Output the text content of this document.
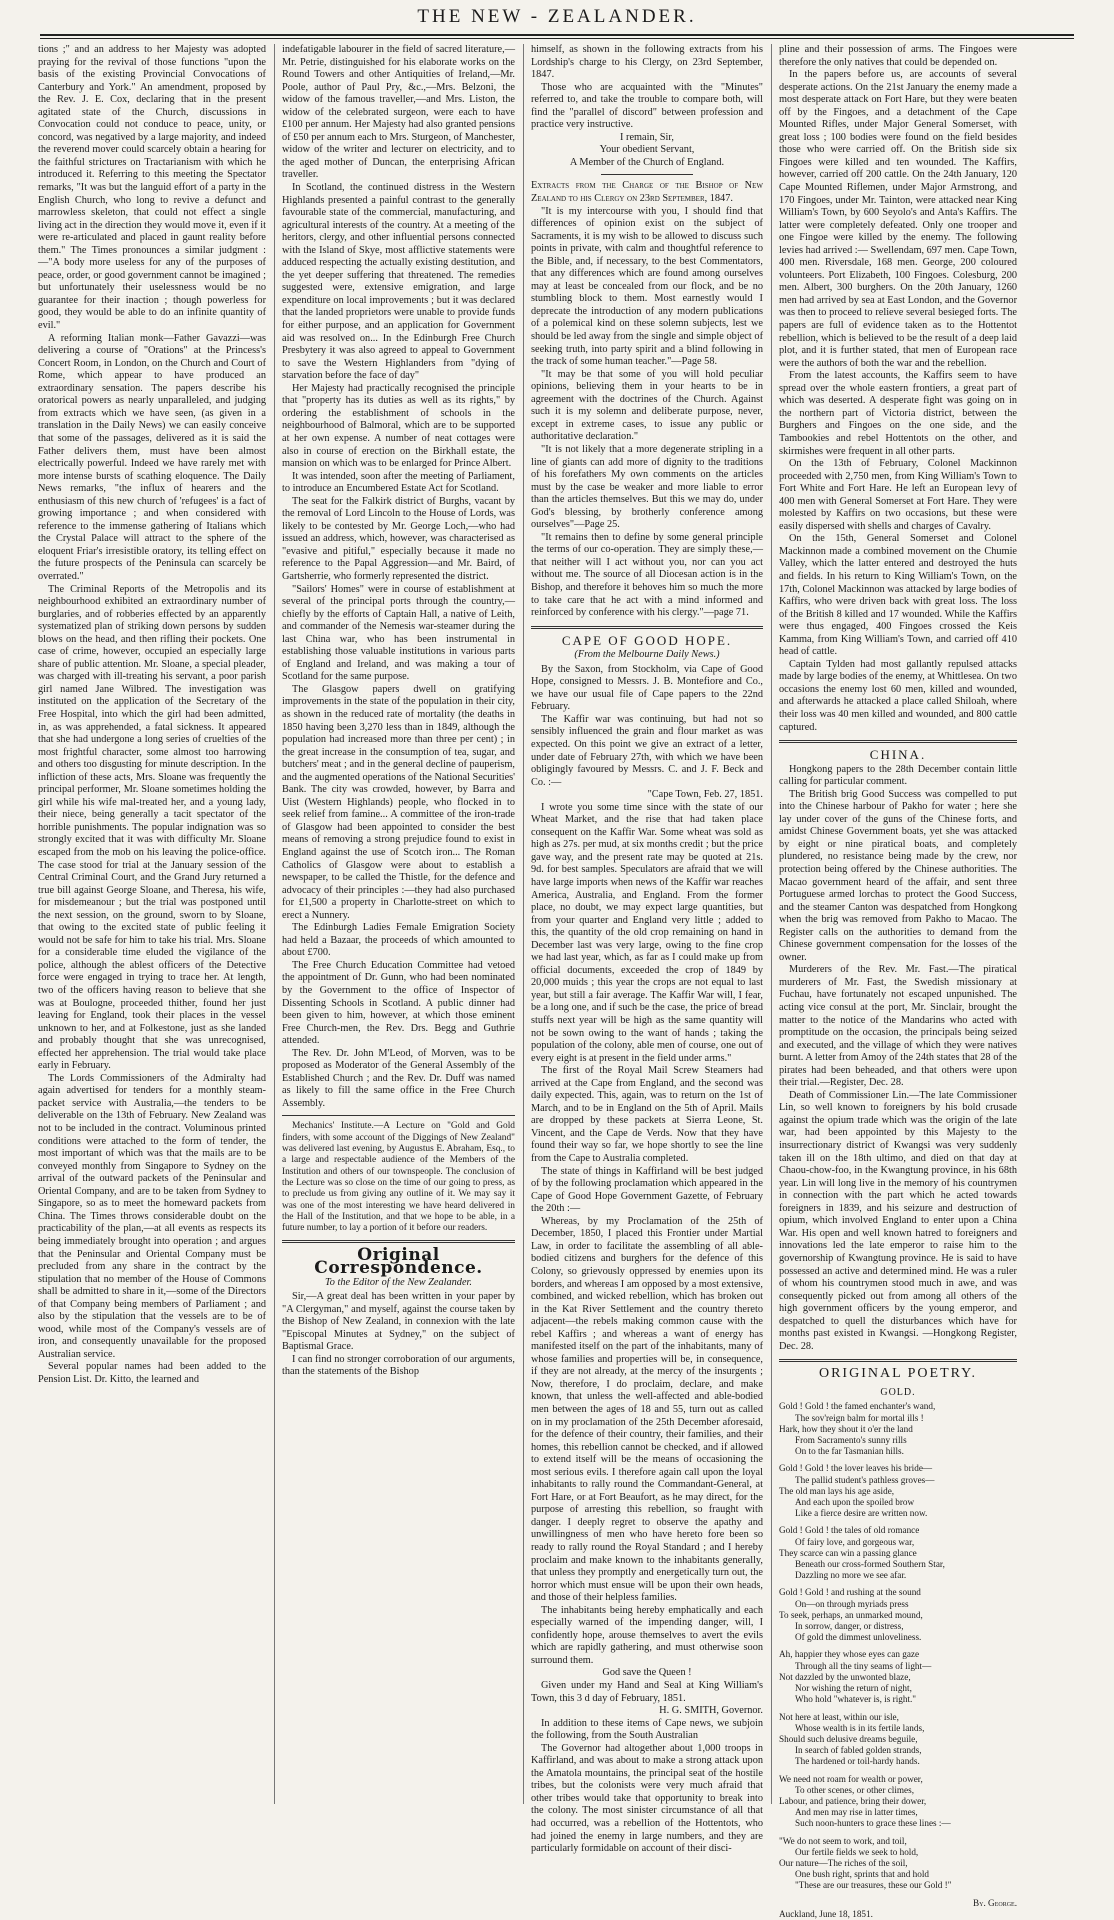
THE NEW - ZEALANDER.

tions ;" and an address to her Majesty was adopted praying for the revival of those functions "upon the basis of the existing Provincial Convocations of Canterbury and York." An amendment, proposed by the Rev. J. E. Cox, declaring that in the present agitated state of the Church, discussions in Convocation could not conduce to peace, unity, or concord, was negatived by a large majority, and indeed the reverend mover could scarcely obtain a hearing for the faithful strictures on Tractarianism with which he introduced it. Referring to this meeting the Spectator remarks, "It was but the languid effort of a party in the English Church, who long to revive a defunct and marrowless skeleton, that could not effect a single living act in the direction they would move it, even if it were re-articulated and placed in gaunt reality before them." The Times pronounces a similar judgment :—"A body more useless for any of the purposes of peace, order, or good government cannot be imagined ; but unfortunately their uselessness would be no guarantee for their inaction ; though powerless for good, they would be able to do an infinite quantity of evil."

A reforming Italian monk—Father Gavazzi—was delivering a course of "Orations" at the Princess's Concert Room, in London, on the Church and Court of Rome, which appear to have produced an extraordinary sensation. The papers describe his oratorical powers as nearly unparalleled, and judging from extracts which we have seen, (as given in a translation in the Daily News) we can easily conceive that some of the passages, delivered as it is said the Father delivers them, must have been almost electrically powerful. Indeed we have rarely met with more intense bursts of scathing eloquence. The Daily News remarks, "the influx of hearers and the enthusiasm of this new church of 'refugees' is a fact of growing importance ; and when considered with reference to the immense gathering of Italians which the Crystal Palace will attract to the sphere of the eloquent Friar's irresistible oratory, its telling effect on the future prospects of the Peninsula can scarcely be overrated."

The Criminal Reports of the Metropolis and its neighbourhood exhibited an extraordinary number of burglaries, and of robberies effected by an apparently systematized plan of striking down persons by sudden blows on the head, and then rifling their pockets. One case of crime, however, occupied an especially large share of public attention. Mr. Sloane, a special pleader, was charged with ill-treating his servant, a poor parish girl named Jane Wilbred. The investigation was instituted on the application of the Secretary of the Free Hospital, into which the girl had been admitted, in, as was apprehended, a fatal sickness. It appeared that she had undergone a long series of cruelties of the most frightful character, some almost too harrowing and others too disgusting for minute description. In the infliction of these acts, Mrs. Sloane was frequently the principal performer, Mr. Sloane sometimes holding the girl while his wife mal-treated her, and a young lady, their niece, being generally a tacit spectator of the horrible punishments. The popular indignation was so strongly excited that it was with difficulty Mr. Sloane escaped from the mob on his leaving the police-office. The case stood for trial at the January session of the Central Criminal Court, and the Grand Jury returned a true bill against George Sloane, and Theresa, his wife, for misdemeanour ; but the trial was postponed until the next session, on the ground, sworn to by Sloane, that owing to the excited state of public feeling it would not be safe for him to take his trial. Mrs. Sloane for a considerable time eluded the vigilance of the police, although the ablest officers of the Detective force were engaged in trying to trace her. At length, two of the officers having reason to believe that she was at Boulogne, proceeded thither, found her just leaving for England, took their places in the vessel unknown to her, and at Folkestone, just as she landed and probably thought that she was unrecognised, effected her apprehension. The trial would take place early in February.

The Lords Commissioners of the Admiralty had again advertised for tenders for a monthly steam-packet service with Australia,—the tenders to be deliverable on the 13th of February. New Zealand was not to be included in the contract. Voluminous printed conditions were attached to the form of tender, the most important of which was that the mails are to be conveyed monthly from Singapore to Sydney on the arrival of the outward packets of the Peninsular and Oriental Company, and are to be taken from Sydney to Singapore, so as to meet the homeward packets from China. The Times throws considerable doubt on the practicability of the plan,—at all events as respects its being immediately brought into operation ; and argues that the Peninsular and Oriental Company must be precluded from any share in the contract by the stipulation that no member of the House of Commons shall be admitted to share in it,—some of the Directors of that Company being members of Parliament ; and also by the stipulation that the vessels are to be of wood, while most of the Company's vessels are of iron, and consequently unavailable for the proposed Australian service.

Several popular names had been added to the Pension List. Dr. Kitto, the learned and

indefatigable labourer in the field of sacred literature,—Mr. Petrie, distinguished for his elaborate works on the Round Towers and other Antiquities of Ireland,—Mr. Poole, author of Paul Pry, &c.,—Mrs. Belzoni, the widow of the famous traveller,—and Mrs. Liston, the widow of the celebrated surgeon, were each to have £100 per annum. Her Majesty had also granted pensions of £50 per annum each to Mrs. Sturgeon, of Manchester, widow of the writer and lecturer on electricity, and to the aged mother of Duncan, the enterprising African traveller.

In Scotland, the continued distress in the Western Highlands presented a painful contrast to the generally favourable state of the commercial, manufacturing, and agricultural interests of the country. At a meeting of the heritors, clergy, and other influential persons connected with the Island of Skye, most afflictive statements were adduced respecting the actually existing destitution, and the yet deeper suffering that threatened. The remedies suggested were, extensive emigration, and large expenditure on local improvements ; but it was declared that the landed proprietors were unable to provide funds for either purpose, and an application for Government aid was resolved on... In the Edinburgh Free Church Presbytery it was also agreed to appeal to Government to save the Western Highlanders from "dying of starvation before the face of day"

Her Majesty had practically recognised the principle that "property has its duties as well as its rights," by ordering the establishment of schools in the neighbourhood of Balmoral, which are to be supported at her own expense. A number of neat cottages were also in course of erection on the Birkhall estate, the mansion on which was to be enlarged for Prince Albert.

It was intended, soon after the meeting of Parliament, to introduce an Encumbered Estate Act for Scotland.

The seat for the Falkirk district of Burghs, vacant by the removal of Lord Lincoln to the House of Lords, was likely to be contested by Mr. George Loch,—who had issued an address, which, however, was characterised as "evasive and pitiful," especially because it made no reference to the Papal Aggression—and Mr. Baird, of Gartsherrie, who formerly represented the district.

"Sailors' Homes" were in course of establishment at several of the principal ports through the country,—chiefly by the efforts of Captain Hall, a native of Leith, and commander of the Nemesis war-steamer during the last China war, who has been instrumental in establishing those valuable institutions in various parts of England and Ireland, and was making a tour of Scotland for the same purpose.

The Glasgow papers dwell on gratifying improvements in the state of the population in their city, as shown in the reduced rate of mortality (the deaths in 1850 having been 3,270 less than in 1849, although the population had increased more than three per cent) ; in the great increase in the consumption of tea, sugar, and butchers' meat ; and in the general decline of pauperism, and the augmented operations of the National Securities' Bank. The city was crowded, however, by Barra and Uist (Western Highlands) people, who flocked in to seek relief from famine... A committee of the iron-trade of Glasgow had been appointed to consider the best means of removing a strong prejudice found to exist in England against the use of Scotch iron... The Roman Catholics of Glasgow were about to establish a newspaper, to be called the Thistle, for the defence and advocacy of their principles :—they had also purchased for £1,500 a property in Charlotte-street on which to erect a Nunnery.

The Edinburgh Ladies Female Emigration Society had held a Bazaar, the proceeds of which amounted to about £700.

The Free Church Education Committee had vetoed the appointment of Dr. Gunn, who had been nominated by the Government to the office of Inspector of Dissenting Schools in Scotland. A public dinner had been given to him, however, at which those eminent Free Church-men, the Rev. Drs. Begg and Guthrie attended.

The Rev. Dr. John M'Leod, of Morven, was to be proposed as Moderator of the General Assembly of the Established Church ; and the Rev. Dr. Duff was named as likely to fill the same office in the Free Church Assembly.

Mechanics' Institute.—A Lecture on "Gold and Gold finders, with some account of the Diggings of New Zealand" was delivered last evening, by Augustus E. Abraham, Esq., to a large and respectable audience of the Members of the Institution and others of our townspeople. The conclusion of the Lecture was so close on the time of our going to press, as to preclude us from giving any outline of it. We may say it was one of the most interesting we have heard delivered in the Hall of the Institution, and that we hope to be able, in a future number, to lay a portion of it before our readers.

Original Correspondence.
To the Editor of the New Zealander.

Sir,—A great deal has been written in your paper by "A Clergyman," and myself, against the course taken by the Bishop of New Zealand, in connexion with the late "Episcopal Minutes at Sydney," on the subject of Baptismal Grace.

I can find no stronger corroboration of our arguments, than the statements of the Bishop

himself, as shown in the following extracts from his Lordship's charge to his Clergy, on 23rd September, 1847.

Those who are acquainted with the "Minutes" referred to, and take the trouble to compare both, will find the "parallel of discord" between profession and practice very instructive.

I remain, Sir,

Your obedient Servant,

A Member of the Church of England.

Extracts from the Charge of the Bishop of New Zealand to his Clergy on 23rd September, 1847.

"It is my intercourse with you, I should find that differences of opinion exist on the subject of Sacraments, it is my wish to be allowed to discuss such points in private, with calm and thoughtful reference to the Bible, and, if necessary, to the best Commentators, that any differences which are found among ourselves may at least be concealed from our flock, and be no stumbling block to them. Most earnestly would I deprecate the introduction of any modern publications of a polemical kind on these solemn subjects, lest we should be led away from the single and simple object of seeking truth, into party spirit and a blind following in the track of some human teacher."—Page 58.

"It may be that some of you will hold peculiar opinions, believing them in your hearts to be in agreement with the doctrines of the Church. Against such it is my solemn and deliberate purpose, never, except in extreme cases, to issue any public or authoritative declaration."

"It is not likely that a more degenerate stripling in a line of giants can add more of dignity to the traditions of his forefathers My own comments on the articles must by the case be weaker and more liable to error than the articles themselves. But this we may do, under God's blessing, by brotherly conference among ourselves"—Page 25.

"It remains then to define by some general principle the terms of our co-operation. They are simply these,—that neither will I act without you, nor can you act without me. The source of all Diocesan action is in the Bishop, and therefore it behoves him so much the more to take care that he act with a mind informed and reinforced by conference with his clergy."—page 71.

CAPE OF GOOD HOPE.
(From the Melbourne Daily News.)

By the Saxon, from Stockholm, via Cape of Good Hope, consigned to Messrs. J. B. Montefiore and Co., we have our usual file of Cape papers to the 22nd February.

The Kaffir war was continuing, but had not so sensibly influenced the grain and flour market as was expected. On this point we give an extract of a letter, under date of February 27th, with which we have been obligingly favoured by Messrs. C. and J. F. Beck and Co. :—

"Cape Town, Feb. 27, 1851.

I wrote you some time since with the state of our Wheat Market, and the rise that had taken place consequent on the Kaffir War. Some wheat was sold as high as 27s. per mud, at six months credit ; but the price gave way, and the present rate may be quoted at 21s. 9d. for best samples. Speculators are afraid that we will have large imports when news of the Kaffir war reaches America, Australia, and England. From the former place, no doubt, we may expect large quantities, but from your quarter and England very little ; added to this, the quantity of the old crop remaining on hand in December last was very large, owing to the fine crop we had last year, which, as far as I could make up from official documents, exceeded the crop of 1849 by 20,000 muids ; this year the crops are not equal to last year, but still a fair average. The Kaffir War will, I fear, be a long one, and if such be the case, the price of bread stuffs next year will be high as the same quantity will not be sown owing to the want of hands ; taking the population of the colony, able men of course, one out of every eight is at present in the field under arms."

The first of the Royal Mail Screw Steamers had arrived at the Cape from England, and the second was daily expected. This, again, was to return on the 1st of March, and to be in England on the 5th of April. Mails are dropped by these packets at Sierra Leone, St. Vincent, and the Cape de Verds. Now that they have found their way so far, we hope shortly to see the line from the Cape to Australia completed.

The state of things in Kaffirland will be best judged of by the following proclamation which appeared in the Cape of Good Hope Government Gazette, of February the 20th :—

Whereas, by my Proclamation of the 25th of December, 1850, I placed this Frontier under Martial Law, in order to facilitate the assembling of all able-bodied citizens and burghers for the defence of this Colony, so grievously oppressed by enemies upon its borders, and whereas I am opposed by a most extensive, combined, and wicked rebellion, which has broken out in the Kat River Settlement and the country thereto adjacent—the rebels making common cause with the rebel Kaffirs ; and whereas a want of energy has manifested itself on the part of the inhabitants, many of whose families and properties will be, in consequence, if they are not already, at the mercy of the insurgents ; Now, therefore, I do proclaim, declare, and make known, that unless the well-affected and able-bodied men between the ages of 18 and 55, turn out as called on in my proclamation of the 25th December aforesaid, for the defence of their country, their families, and their homes, this rebellion cannot be checked, and if allowed to extend itself will be the means of occasioning the most serious evils. I therefore again call upon the loyal inhabitants to rally round the Commandant-General, at Fort Hare, or at Fort Beaufort, as he may direct, for the purpose of arresting this rebellion, so fraught with danger. I deeply regret to observe the apathy and unwillingness of men who have hereto fore been so ready to rally round the Royal Standard ; and I hereby proclaim and make known to the inhabitants generally, that unless they promptly and energetically turn out, the horror which must ensue will be upon their own heads, and those of their helpless families.

The inhabitants being hereby emphatically and each especially warned of the impending danger, will, I confidently hope, arouse themselves to avert the evils which are rapidly gathering, and must otherwise soon surround them.

God save the Queen !

Given under my Hand and Seal at King William's Town, this 3 d day of February, 1851.

H. G. SMITH, Governor.

In addition to these items of Cape news, we subjoin the following, from the South Australian

The Governor had altogether about 1,000 troops in Kaffirland, and was about to make a strong attack upon the Amatola mountains, the principal seat of the hostile tribes, but the colonists were very much afraid that other tribes would take that opportunity to break into the colony. The most sinister circumstance of all that had occurred, was a rebellion of the Hottentots, who had joined the enemy in large numbers, and they are particularly formidable on account of their disci-

pline and their possession of arms. The Fingoes were therefore the only natives that could be depended on.

In the papers before us, are accounts of several desperate actions. On the 21st January the enemy made a most desperate attack on Fort Hare, but they were beaten off by the Fingoes, and a detachment of the Cape Mounted Rifles, under Major General Somerset, with great loss ; 100 bodies were found on the field besides those who were carried off. On the British side six Fingoes were killed and ten wounded. The Kaffirs, however, carried off 200 cattle. On the 24th January, 120 Cape Mounted Riflemen, under Major Armstrong, and 170 Fingoes, under Mr. Tainton, were attacked near King William's Town, by 600 Seyolo's and Anta's Kaffirs. The latter were completely defeated. Only one trooper and one Fingoe were killed by the enemy. The following levies had arrived :— Swellendam, 697 men. Cape Town, 400 men. Riversdale, 168 men. George, 200 coloured volunteers. Port Elizabeth, 100 Fingoes. Colesburg, 200 men. Albert, 300 burghers. On the 20th January, 1260 men had arrived by sea at East London, and the Governor was then to proceed to relieve several besieged forts. The papers are full of evidence taken as to the Hottentot rebellion, which is believed to be the result of a deep laid plot, and it is further stated, that men of European race were the authors of both the war and the rebellion.

From the latest accounts, the Kaffirs seem to have spread over the whole eastern frontiers, a great part of which was deserted. A desperate fight was going on in the northern part of Victoria district, between the Burghers and Fingoes on the one side, and the Tambookies and rebel Hottentots on the other, and skirmishes were frequent in all other parts.

On the 13th of February, Colonel Mackinnon proceeded with 2,750 men, from King William's Town to Fort White and Fort Hare. He left an European levy of 400 men with General Somerset at Fort Hare. They were molested by Kaffirs on two occasions, but these were easily dispersed with shells and charges of Cavalry.

On the 15th, General Somerset and Colonel Mackinnon made a combined movement on the Chumie Valley, which the latter entered and destroyed the huts and fields. In his return to King William's Town, on the 17th, Colonel Mackinnon was attacked by large bodies of Kaffirs, who were driven back with great loss. The loss of the British 8 killed and 17 wounded. While the Kaffirs were thus engaged, 400 Fingoes crossed the Keis Kamma, from King William's Town, and carried off 410 head of cattle.

Captain Tylden had most gallantly repulsed attacks made by large bodies of the enemy, at Whittlesea. On two occasions the enemy lost 60 men, killed and wounded, and afterwards he attacked a place called Shiloah, where their loss was 40 men killed and wounded, and 800 cattle captured.

CHINA.

Hongkong papers to the 28th December contain little calling for particular comment.

The British brig Good Success was compelled to put into the Chinese harbour of Pakho for water ; here she lay under cover of the guns of the Chinese forts, and amidst Chinese Government boats, yet she was attacked by eight or nine piratical boats, and completely plundered, no resistance being made by the crew, nor protection being offered by the Chinese authorities. The Macao government heard of the affair, and sent three Portuguese armed lorchas to protect the Good Success, and the steamer Canton was despatched from Hongkong when the brig was removed from Pakho to Macao. The Register calls on the authorities to demand from the Chinese government compensation for the losses of the owner.

Murderers of the Rev. Mr. Fast.—The piratical murderers of Mr. Fast, the Swedish missionary at Fuchau, have fortunately not escaped unpunished. The acting vice consul at the port, Mr. Sinclair, brought the matter to the notice of the Mandarins who acted with promptitude on the occasion, the principals being seized and executed, and the village of which they were natives burnt. A letter from Amoy of the 24th states that 28 of the pirates had been beheaded, and that others were upon their trial.—Register, Dec. 28.

Death of Commissioner Lin.—The late Commissioner Lin, so well known to foreigners by his bold crusade against the opium trade which was the origin of the late war, had been appointed by this Majesty to the insurrectionary district of Kwangsi was very suddenly taken ill on the 18th ultimo, and died on that day at Chaou-chow-foo, in the Kwangtung province, in his 68th year. Lin will long live in the memory of his countrymen in connection with the part which he acted towards foreigners in 1839, and his seizure and destruction of opium, which involved England to enter upon a China War. His open and well known hatred to foreigners and innovations led the late emperor to raise him to the governorship of Kwangtung province. He is said to have possessed an active and determined mind. He was a ruler of whom his countrymen stood much in awe, and was consequently picked out from among all others of the high government officers by the young emperor, and despatched to quell the disturbances which have for months past existed in Kwangsi. —Hongkong Register, Dec. 28.

ORIGINAL POETRY.
GOLD.

Gold ! Gold ! the famed enchanter's wand,

The sov'reign balm for mortal ills !

Hark, how they shout it o'er the land

From Sacramento's sunny rills

On to the far Tasmanian hills.

Gold ! Gold ! the lover leaves his bride—

The pallid student's pathless groves—

The old man lays his age aside,

And each upon the spoiled brow

Like a fierce desire are written now.

Gold ! Gold ! the tales of old romance

Of fairy love, and gorgeous war,

They scarce can win a passing glance

Beneath our cross-formed Southern Star,

Dazzling no more we see afar.

Gold ! Gold ! and rushing at the sound

On—on through myriads press

To seek, perhaps, an unmarked mound,

In sorrow, danger, or distress,

Of gold the dimmest unloveliness.

Ah, happier they whose eyes can gaze

Through all the tiny seams of light—

Not dazzled by the unwonted blaze,

Nor wishing the return of night,

Who hold "whatever is, is right."

Not here at least, within our isle,

Whose wealth is in its fertile lands,

Should such delusive dreams beguile,

In search of fabled golden strands,

The hardened or toil-hardy hands.

We need not roam for wealth or power,

To other scenes, or other climes,

Labour, and patience, bring their dower,

And men may rise in latter times,

Such noon-hunters to grace these lines :—

"We do not seem to work, and toil,

Our fertile fields we seek to hold,

Our nature—The riches of the soil,

One bush right, sprints that and hold

"These are our treasures, these our Gold !"

By. George.

Auckland, June 18, 1851.
